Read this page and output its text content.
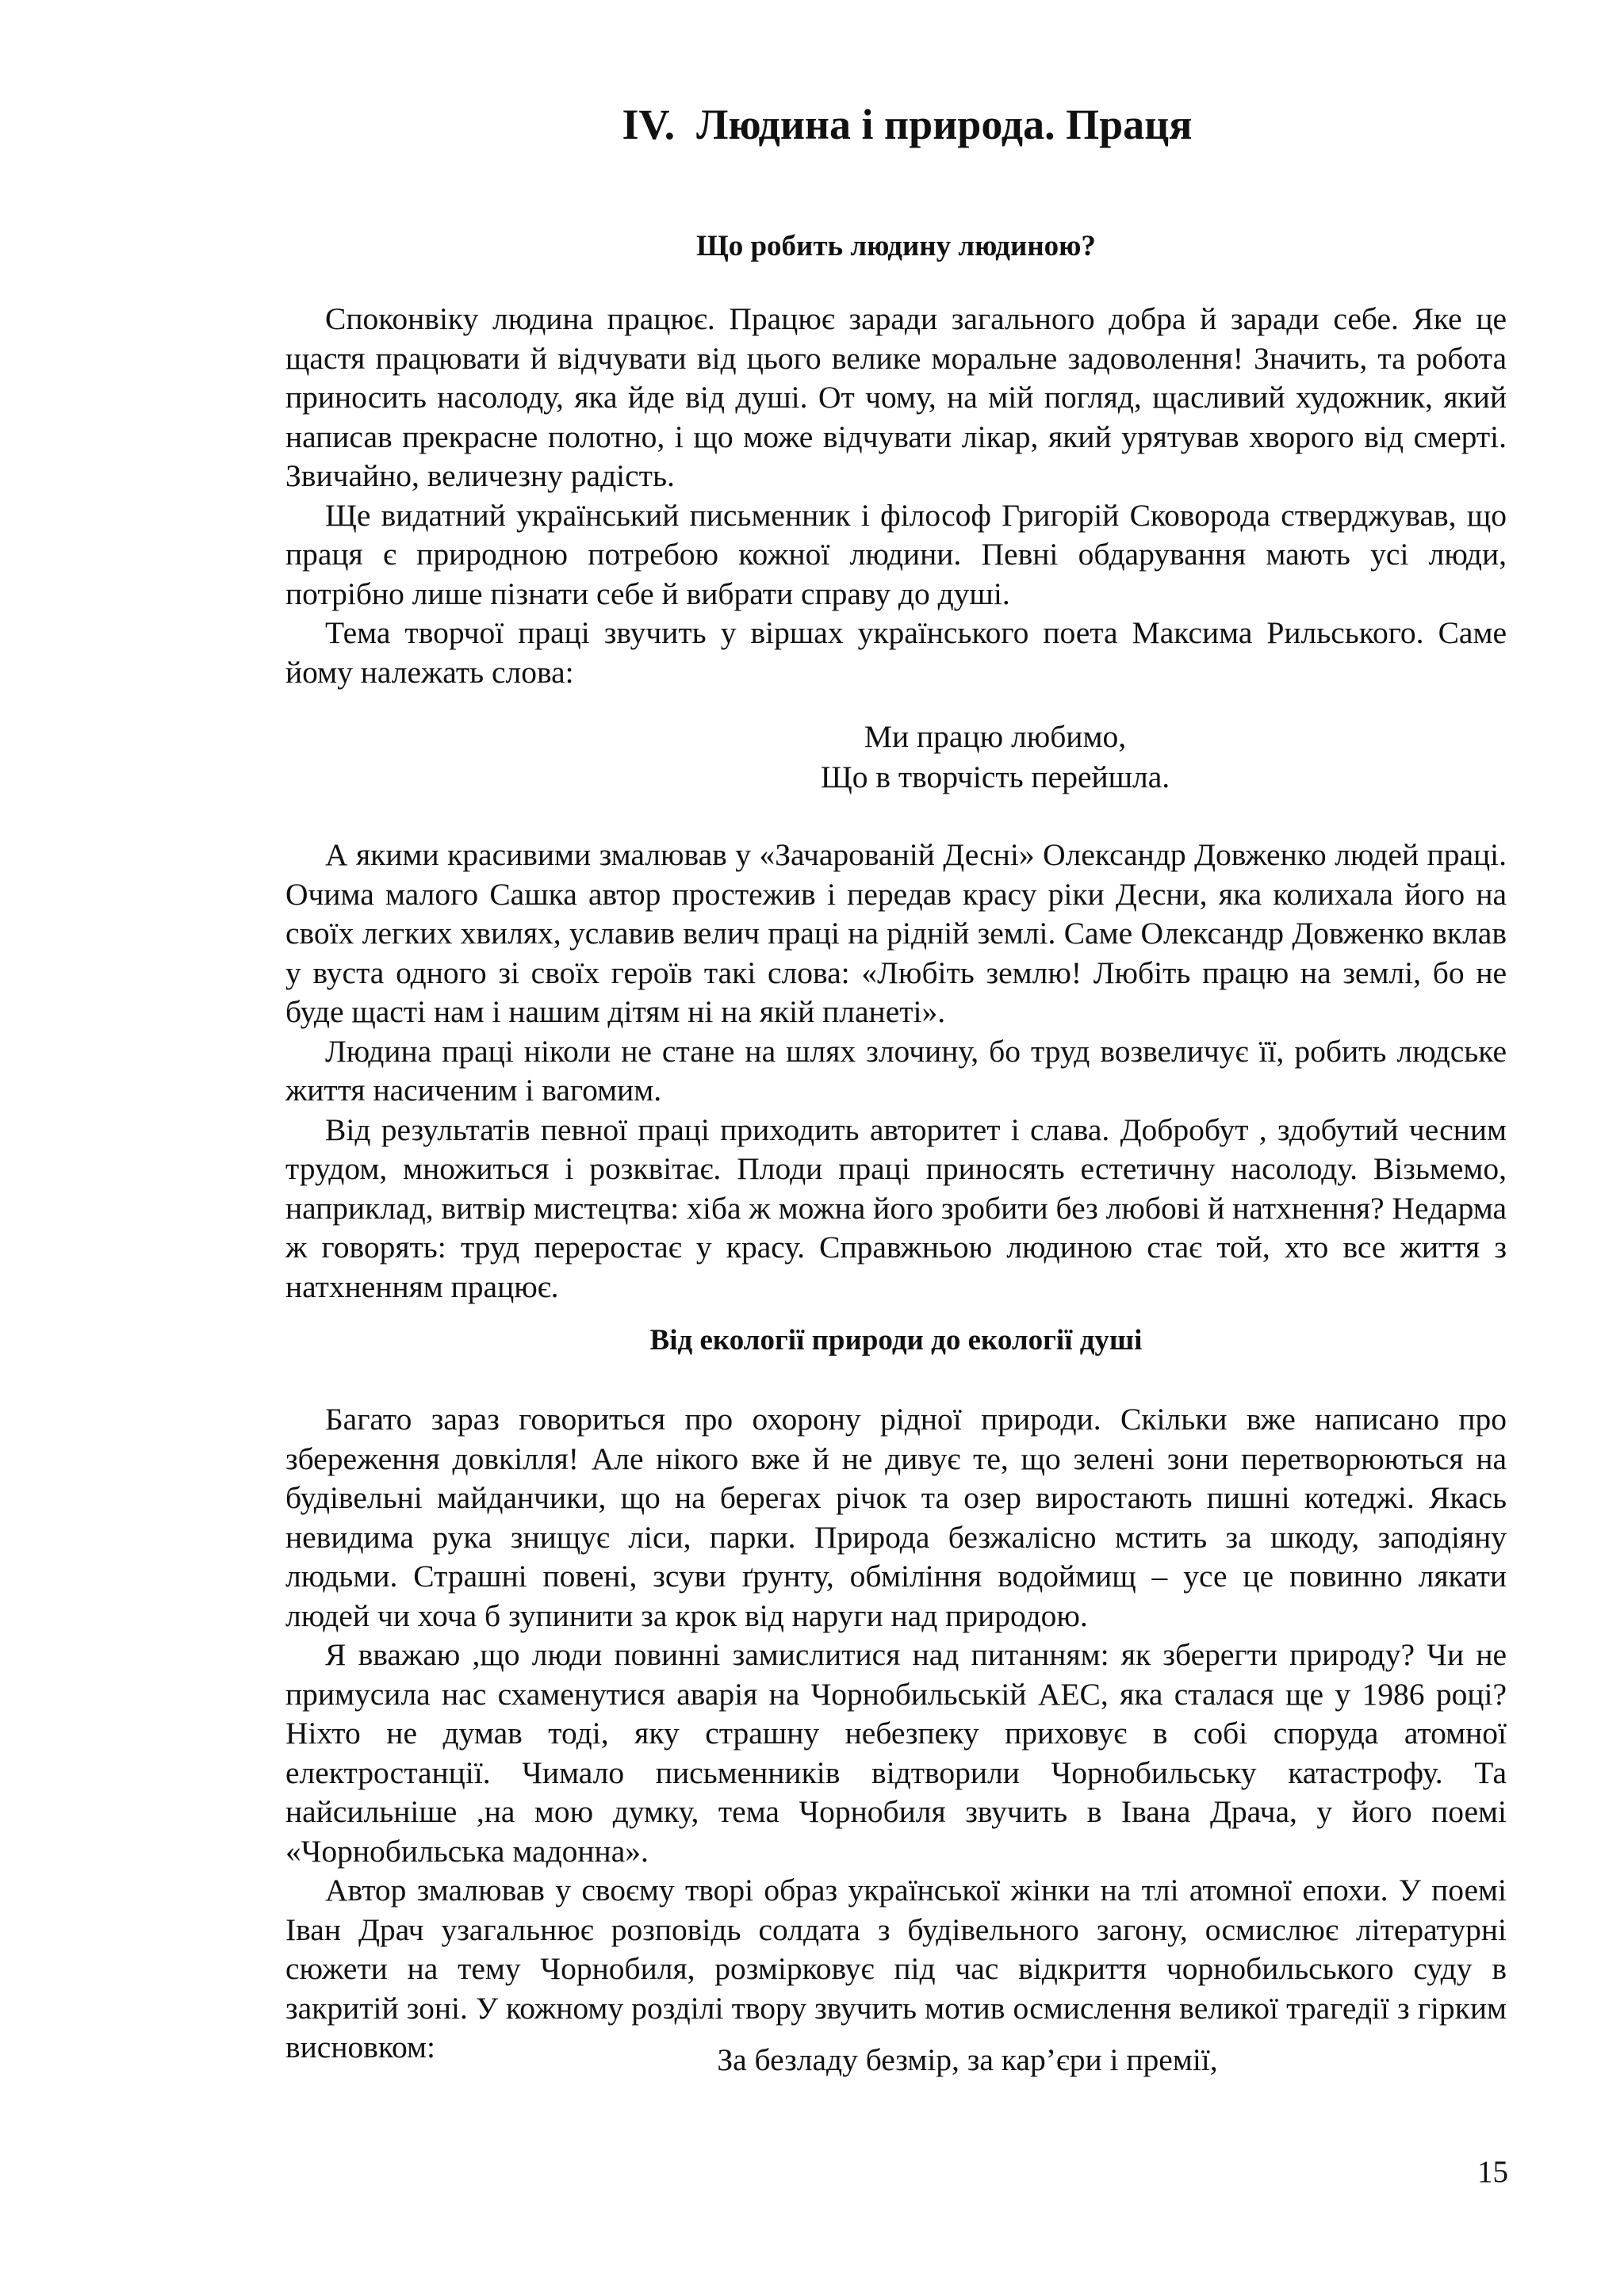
IV.  Людина і природа. Праця
Що робить людину людиною?

Споконвіку людина працює. Працює заради загального добра й заради себе. Яке це щастя працювати й відчувати від цього велике моральне задоволення! Значить, та робота приносить насолоду, яка йде від душі. От чому, на мій погляд, щасливий художник, який написав прекрасне полотно, і що може відчувати лікар, який урятував хворого від смерті. Звичайно, величезну радість.

Ще видатний український письменник і філософ Григорій Сковорода стверджував, що праця є природною потребою кожної людини. Певні обдарування мають усі люди, потрібно лише пізнати себе й вибрати справу до душі.

Тема творчої праці звучить у віршах українського поета Максима Рильського. Саме йому належать слова:

Ми працю любимо,
Що в творчість перейшла.

А якими красивими змалював у «Зачарованій Десні» Олександр Довженко людей праці. Очима малого Сашка автор простежив і передав красу ріки Десни, яка колихала його на своїх легких хвилях, уславив велич праці на рідній землі. Саме Олександр Довженко вклав у вуста одного зі своїх героїв такі слова: «Любіть землю! Любіть працю на землі, бо не буде щасті нам і нашим дітям ні на якій планеті».

Людина праці ніколи не стане на шлях злочину, бо труд возвеличує її, робить людське життя насиченим і вагомим.

Від результатів певної праці приходить авторитет і слава. Добробут , здобутий чесним трудом, множиться і розквітає. Плоди праці приносять естетичну насолоду. Візьмемо, наприклад, витвір мистецтва: хіба ж можна його зробити без любові й натхнення? Недарма ж говорять: труд переростає у красу. Справжньою людиною стає той, хто все життя з натхненням працює.

Від екології природи до екології душі

Багато зараз говориться про охорону рідної природи. Скільки вже написано про збереження довкілля! Але нікого вже й не дивує те, що зелені зони перетворюються на будівельні майданчики, що на берегах річок та озер виростають пишні котеджі. Якась невидима рука знищує ліси, парки. Природа безжалісно мстить за шкоду, заподіяну людьми. Страшні повені, зсуви ґрунту, обміління водоймищ – усе це повинно лякати людей чи хоча б зупинити за крок від наруги над природою.

Я вважаю ,що люди повинні замислитися над питанням: як зберегти природу? Чи не примусила нас схаменутися аварія на Чорнобильській АЕС, яка сталася ще у 1986 році? Ніхто не думав тоді, яку страшну небезпеку приховує в собі споруда атомної електростанції. Чимало письменників відтворили Чорнобильську катастрофу. Та найсильніше ,на мою думку, тема Чорнобиля звучить в Івана Драча, у його поемі «Чорнобильська мадонна».

Автор змалював у своєму творі образ української жінки на тлі атомної епохи. У поемі Іван Драч узагальнює розповідь солдата з будівельного загону, осмислює літературні сюжети на тему Чорнобиля, розмірковує під час відкриття чорнобильського суду в закритій зоні. У кожному розділі твору звучить мотив осмислення великої трагедії з гірким висновком:	За безладу безмір, за кар’єри і премії,
15
